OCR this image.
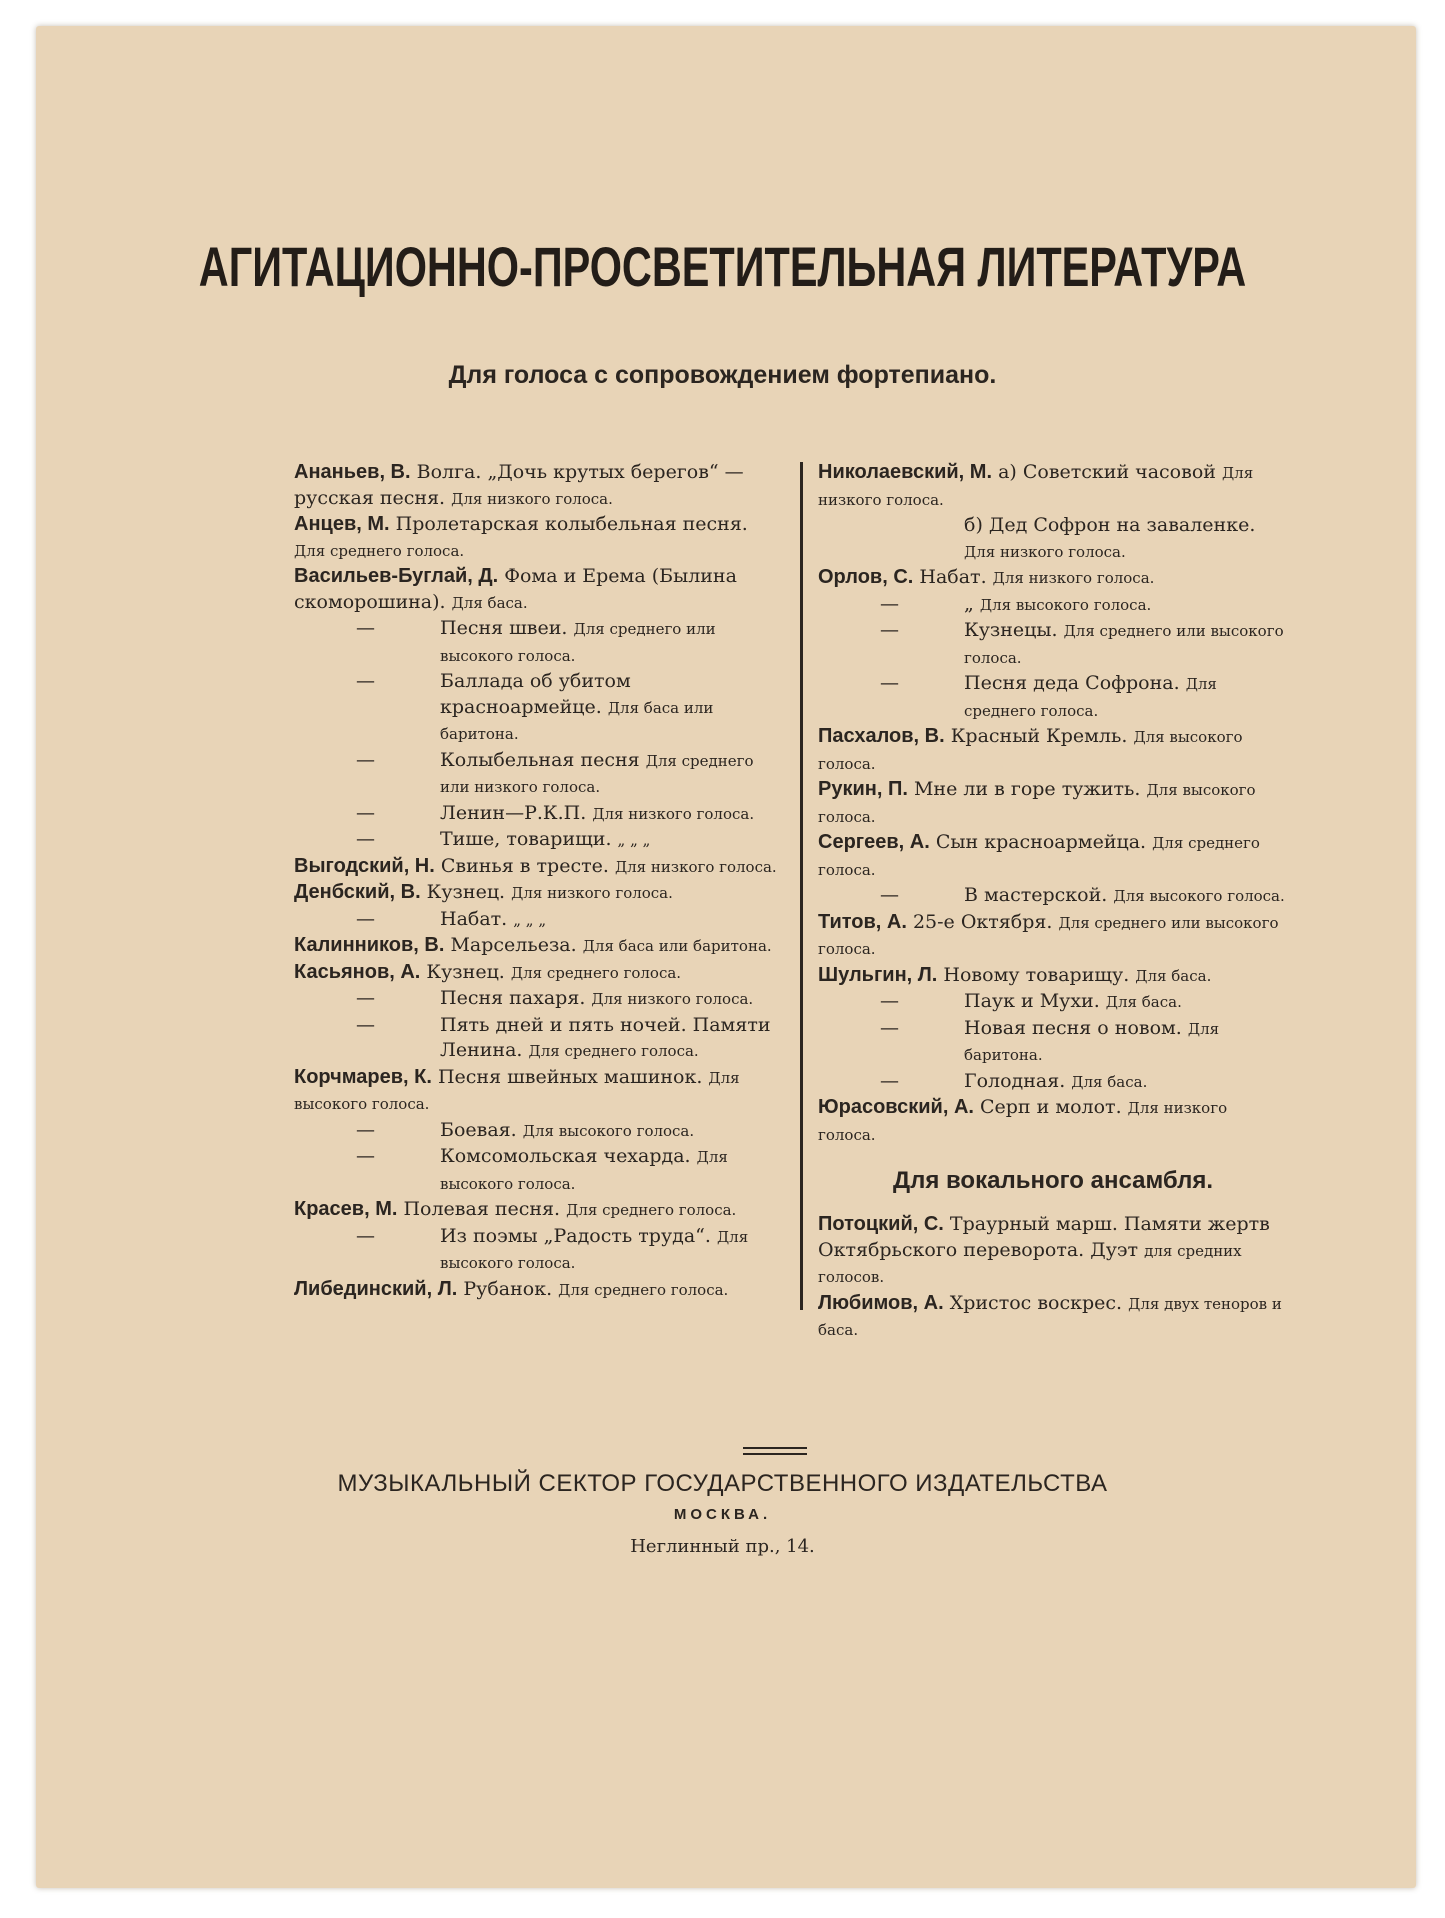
АГИТАЦИОННО-ПРОСВЕТИТЕЛЬНАЯ ЛИТЕРАТУРА
Для голоса с сопровождением фортепиано.
Ананьев, В. Волга. „Дочь крутых берегов“ — русская песня. Для низкого голоса.
Анцев, М. Пролетарская колыбельная песня. Для среднего голоса.
Васильев-Буглай, Д. Фома и Ерема (Былина скоморошина). Для баса.
—	Песня швеи. Для среднего или высокого голоса.
—	Баллада об убитом красноармейце. Для баса или баритона.
—	Колыбельная песня Для среднего или низкого голоса.
—	Ленин—Р.К.П. Для низкого голоса.
—	Тише, товарищи. „ „ „
Выгодский, Н. Свинья в тресте. Для низкого голоса.
Денбский, В. Кузнец. Для низкого голоса.
—	Набат. „ „ „
Калинников, В. Марсельеза. Для баса или баритона.
Касьянов, А. Кузнец. Для среднего голоса.
—	Песня пахаря. Для низкого голоса.
—	Пять дней и пять ночей. Памяти Ленина. Для среднего голоса.
Корчмарев, К. Песня швейных машинок. Для высокого голоса.
—	Боевая. Для высокого голоса.
—	Комсомольская чехарда. Для высокого голоса.
Красев, М. Полевая песня. Для среднего голоса.
—	Из поэмы „Радость труда“. Для высокого голоса.
Либединский, Л. Рубанок. Для среднего голоса.
Николаевский, М. а) Советский часовой Для низкого голоса.
б) Дед Софрон на заваленке. Для низкого голоса.
Орлов, С. Набат. Для низкого голоса.
—	„ Для высокого голоса.
—	Кузнецы. Для среднего или высокого голоса.
—	Песня деда Софрона. Для среднего голоса.
Пасхалов, В. Красный Кремль. Для высокого голоса.
Рукин, П. Мне ли в горе тужить. Для высокого голоса.
Сергеев, А. Сын красноармейца. Для среднего голоса.
—	В мастерской. Для высокого голоса.
Титов, А. 25-е Октября. Для среднего или высокого голоса.
Шульгин, Л. Новому товарищу. Для баса.
—	Паук и Мухи. Для баса.
—	Новая песня о новом. Для баритона.
—	Голодная. Для баса.
Юрасовский, А. Серп и молот. Для низкого голоса.
Для вокального ансамбля.
Потоцкий, С. Траурный марш. Памяти жертв Октябрьского переворота. Дуэт для средних голосов.
Любимов, А. Христос воскрес. Для двух теноров и баса.
МУЗЫКАЛЬНЫЙ СЕКТОР ГОСУДАРСТВЕННОГО ИЗДАТЕЛЬСТВА
МОСКВА.
Неглинный пр., 14.
